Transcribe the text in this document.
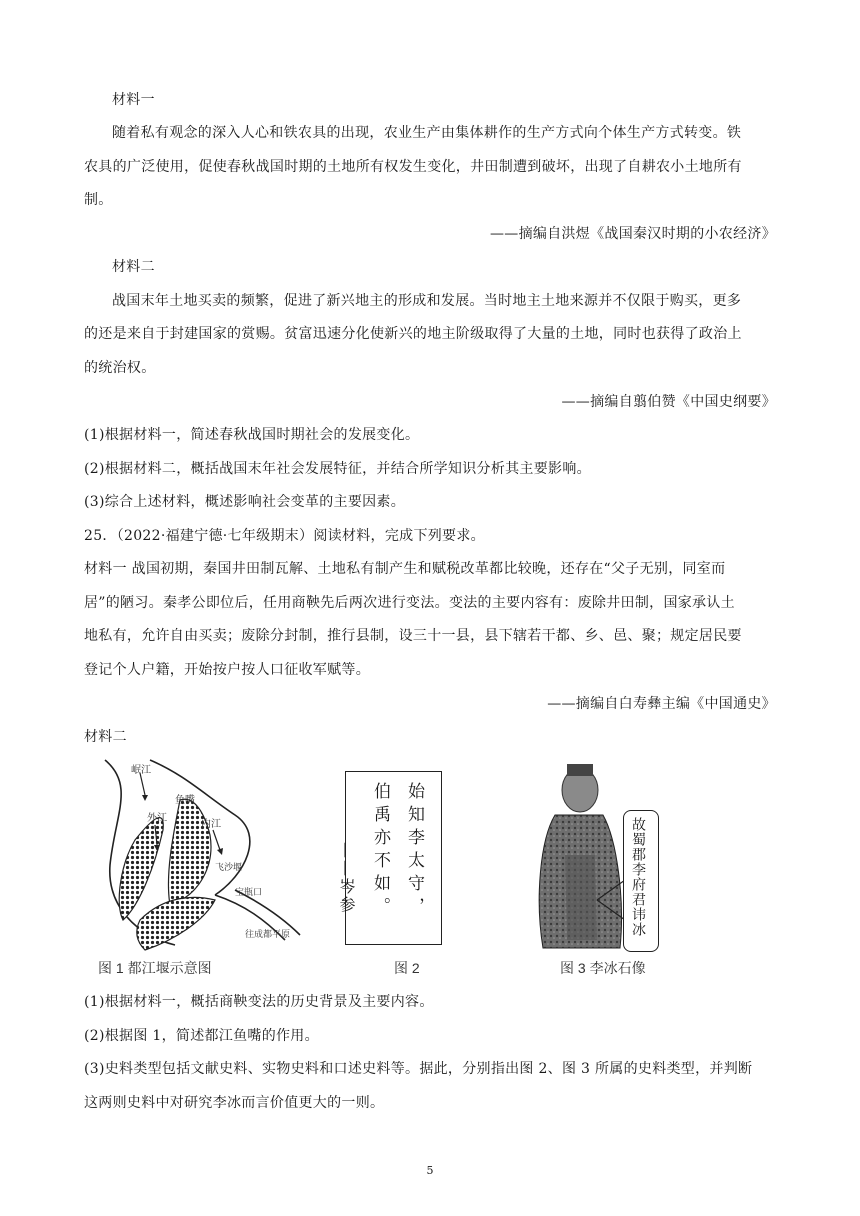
材料一
随着私有观念的深入人心和铁农具的出现，农业生产由集体耕作的生产方式向个体生产方式转变。铁
农具的广泛使用，促使春秋战国时期的土地所有权发生变化，井田制遭到破坏，出现了自耕农小土地所有
制。
——摘编自洪煜《战国秦汉时期的小农经济》
材料二
战国末年土地买卖的频繁，促进了新兴地主的形成和发展。当时地主土地来源并不仅限于购买，更多
的还是来自于封建国家的赏赐。贫富迅速分化使新兴的地主阶级取得了大量的土地，同时也获得了政治上
的统治权。
——摘编自翦伯赞《中国史纲要》
(1)根据材料一，简述春秋战国时期社会的发展变化。
(2)根据材料二，概括战国末年社会发展特征，并结合所学知识分析其主要影响。
(3)综合上述材料，概述影响社会变革的主要因素。
25．（2022·福建宁德·七年级期末）阅读材料，完成下列要求。
材料一 战国初期，秦国井田制瓦解、土地私有制产生和赋税改革都比较晚，还存在“父子无别，同室而
居”的陋习。秦孝公即位后，任用商鞅先后两次进行变法。变法的主要内容有：废除井田制，国家承认土
地私有，允许自由买卖；废除分封制，推行县制，设三十一县，县下辖若干都、乡、邑、聚；规定居民要
登记个人户籍，开始按户按人口征收军赋等。
——摘编自白寿彝主编《中国通史》
材料二
岷江
鱼嘴
外江
内江
宝瓶口
飞沙堰
往成都平原
图 1 都江堰示意图
始知李太守，
伯禹亦不如。
——岑参
图 2
故蜀郡李府君讳冰
图 3 李冰石像
(1)根据材料一，概括商鞅变法的历史背景及主要内容。
(2)根据图 1，简述都江鱼嘴的作用。
(3)史料类型包括文献史料、实物史料和口述史料等。据此，分别指出图 2、图 3 所属的史料类型，并判断
这两则史料中对研究李冰而言价值更大的一则。
5
